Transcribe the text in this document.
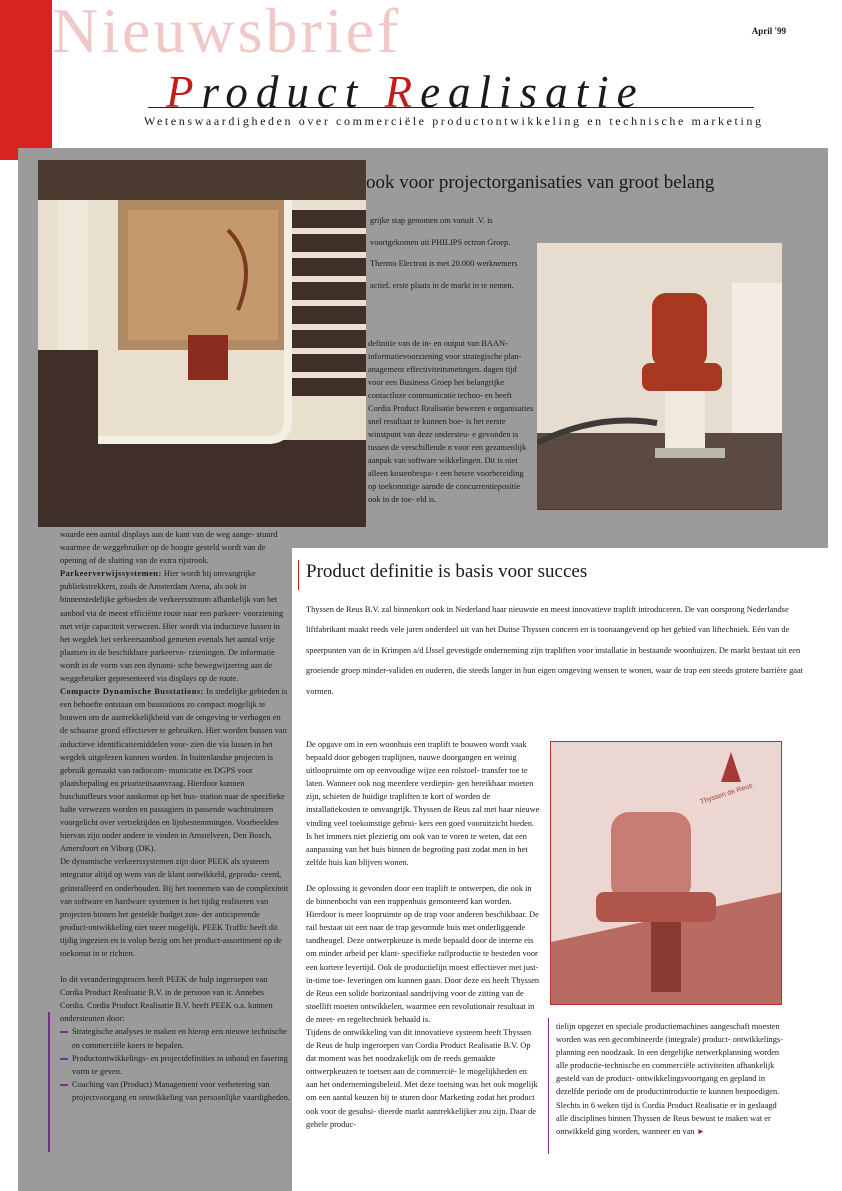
Nieuwsbrief	April '99
Product Realisatie
Wetenswaardigheden over commerciële productontwikkeling en technische marketing
ook voor projectorganisaties van groot belang
grijke stap genomen om vanuit .V. is voortgekomen uit PHILIPS ectron Groep. Thermo Electron is met 20.000 werknemers actief. erste plaats in de markt in te nemen.
definitie van de in- en output van BAAN-informatievoorziening voor strategische plan- anagement effectiviteitsmetingen. dagen tijd voor een Business Groep het belangrijke contactloze communicatie techno- en heeft Cordia Product Realisatie bewezen e organisaties snel resultaat te kunnen boe- is het eerste winstpunt van deze ondersteu- e gevonden is tussen de verschillende n voor een gezamenlijk aanpak van software wikkelingen. Dit is niet alleen kostenbespa- t een betere voorbereiding op toekomstige aarnde de concurrentiepositie ook in de toe- eld is.
waarde een aantal displays aan de kant van de weg aange- stuurd waarmee de weggebruiker op de hoogte gesteld wordt van de opening of de sluiting van de extra rijstrook.
Parkeerverwijssystemen: Hier wordt bij omvangrijke publiekstrekkers, zoals de Amsterdam Arena, als ook in binnenstedelijke gebieden de verkeersstroom afhankelijk van het aanbod via de meest efficiënte route naar een parkeer- voorziening met vrije capaciteit verwezen. Hier wordt via inductieve lussen in het wegdek het verkeersaanbod gemeten evenals het aantal vrije plaatsen in de beschikbare parkeervo- rzieningen. De informatie wordt in de vorm van een dynami- sche bewegwijzering aan de weggebruiker gepresenteerd via displays op de route.
Compacte Dynamische Busstations: In stedelijke gebieden is een behoefte ontstaan om busstations zo compact mogelijk te bouwen om de aantrekkelijkheid van de omgeving te verhogen en de schaarse grond effectiever te gebruiken. Hier worden bussen van inductieve identificatiemiddelen voor- zien die via lussen in het wegdek uitgelezen kunnen worden. In buitenlandse projecten is gebruik gemaakt van radiocom- municatie en DGPS voor plaatsbepaling en prioriteitsaanvraag. Hierdoor kunnen buschauffeurs voor aankomst op het bus- station naar de specifieke halte verwezen worden en passagiers in passende wachtruimten voorgelicht over vertrektijden en lijnbestemmingen. Voorbeelden hiervan zijn onder andere te vinden in Amstelveen, Den Bosch, Amersfoort en Viborg (DK).
De dynamische verkeerssystemen zijn door PEEK als systeem integrator altijd op wens van de klant ontwikkeld, geprodu- ceerd, geïnstalleerd en onderhouden. Bij het toenemen van de complexiteit van software en hardware systemen is het tijdig realiseren van projecten binnen het gestelde budget zon- der anticiperende product-ontwikkeling niet meer mogelijk. PEEK Traffic heeft dit tijdig ingezien en is volop bezig om het product-assortiment op de toekomst in te richten.
In dit veranderingsproces heeft PEEK de hulp ingeroepen van Cordia Product Realisatie B.V. in de persoon van ir. Annebes Cordia. Cordia Product Realisatie B.V. heeft PEEK o.a. kunnen ondersteunen door:
Strategische analyses te maken en hierop een nieuwe technische en commerciële koers te bepalen.
Productontwikkelings- en projectdefinities in inhoud en fasering vorm te geven.
Coaching van (Product) Management voor verbetering van projectvoorgang en ontwikkeling van persoonlijke vaardigheden.
Product definitie is basis voor succes
Thyssen de Reus B.V. zal binnenkort ook in Nederland haar nieuwste en meest innovatieve traplift introduceren. De van oorsprong Nederlandse liftfabrikant maakt reeds vele jaren onderdeel uit van het Duitse Thyssen concern en is toonaangevend op het gebied van liftechniek. Eén van de speerpunten van de in Krimpen a/d IJssel gevestigde onderneming zijn trapliften voor installatie in bestaande woonhuizen. De markt bestaat uit een groeiende groep minder-validen en ouderen, die steeds langer in hun eigen omgeving wensen te wonen, waar de trap een steeds grotere barrière gaat vormen.
De opgave om in een woonhuis een traplift te bouwen wordt vaak bepaald door gebogen traplijnen, nauwe doorgangen en weinig uitloopruimte om op eenvoudige wijze een rolstoel- transfer toe te laten. Wanneer ook nog meerdere verdiepin- gen bereikbaar moeten zijn, schieten de huidige trapliften te kort of worden de installatiekosten te omvangrijk. Thyssen de Reus zal met haar nieuwe vinding veel toekomstige gebrui- kers een goed vooruitzicht bieden. Is het immers niet plezierig om ook van te voren te weten, dat een aanpassing van het huis binnen de begroting past zodat men in het zelfde huis kan blijven wonen.
De oplossing is gevonden door een traplift te ontwerpen, die ook in de binnenbocht van een trappenhuis gemonteerd kan worden. Hierdoor is meer loopruimte op de trap voor anderen beschikbaar. De rail bestaat uit een naar de trap gevormde buis met onderliggende tandheugel. Deze ontwerpkeuze is mede bepaald door de interne eis om minder arbeid per klant- specifieke railproductie te besteden voor een kortere levertijd. Ook de productielijn moest effectiever met just-in-time toe- leveringen om kunnen gaan. Door deze eis heeft Thyssen de Reus een solide horizontaal aandrijving voor de zitting van de stoellift moeten ontwikkelen, waarmee een revolutionair resultaat in de meet- en regeltechniek behaald is.
Tijdens de ontwikkeling van dit innovatieve systeem heeft Thyssen de Reus de hulp ingeroepen van Cordia Product Realisatie B.V. Op dat moment was het noodzakelijk om de reeds gemaakte ontwerpkeuzen te toetsen aan de commercië- le mogelijkheden en aan het ondernemingsbeleid. Met deze toetsing was het ook mogelijk om een aantal keuzen bij te sturen door Marketing zodat het product ook voor de gesubsi- dieerde markt aantrekkelijker zou zijn. Daar de gehele produc-
Thyssen de Reus
tielijn opgezet en speciale productiemachines aangeschaft moesten worden was een gecombineerde (integrale) product- ontwikkelings-planning een noodzaak. In een dergelijke netwerkplanning worden alle productie-technische en commerciële activiteiten afhankelijk gesteld van de product- ontwikkelingsvoortgang en gepland in dezelfde periode om de productintroductie te kunnen bespoedigen. Slechts in 6 weken tijd is Cordia Product Realisatie er in geslaagd alle disciplines binnen Thyssen de Reus bewust te maken wat er ontwikkeld ging worden, wanneer en van ►
